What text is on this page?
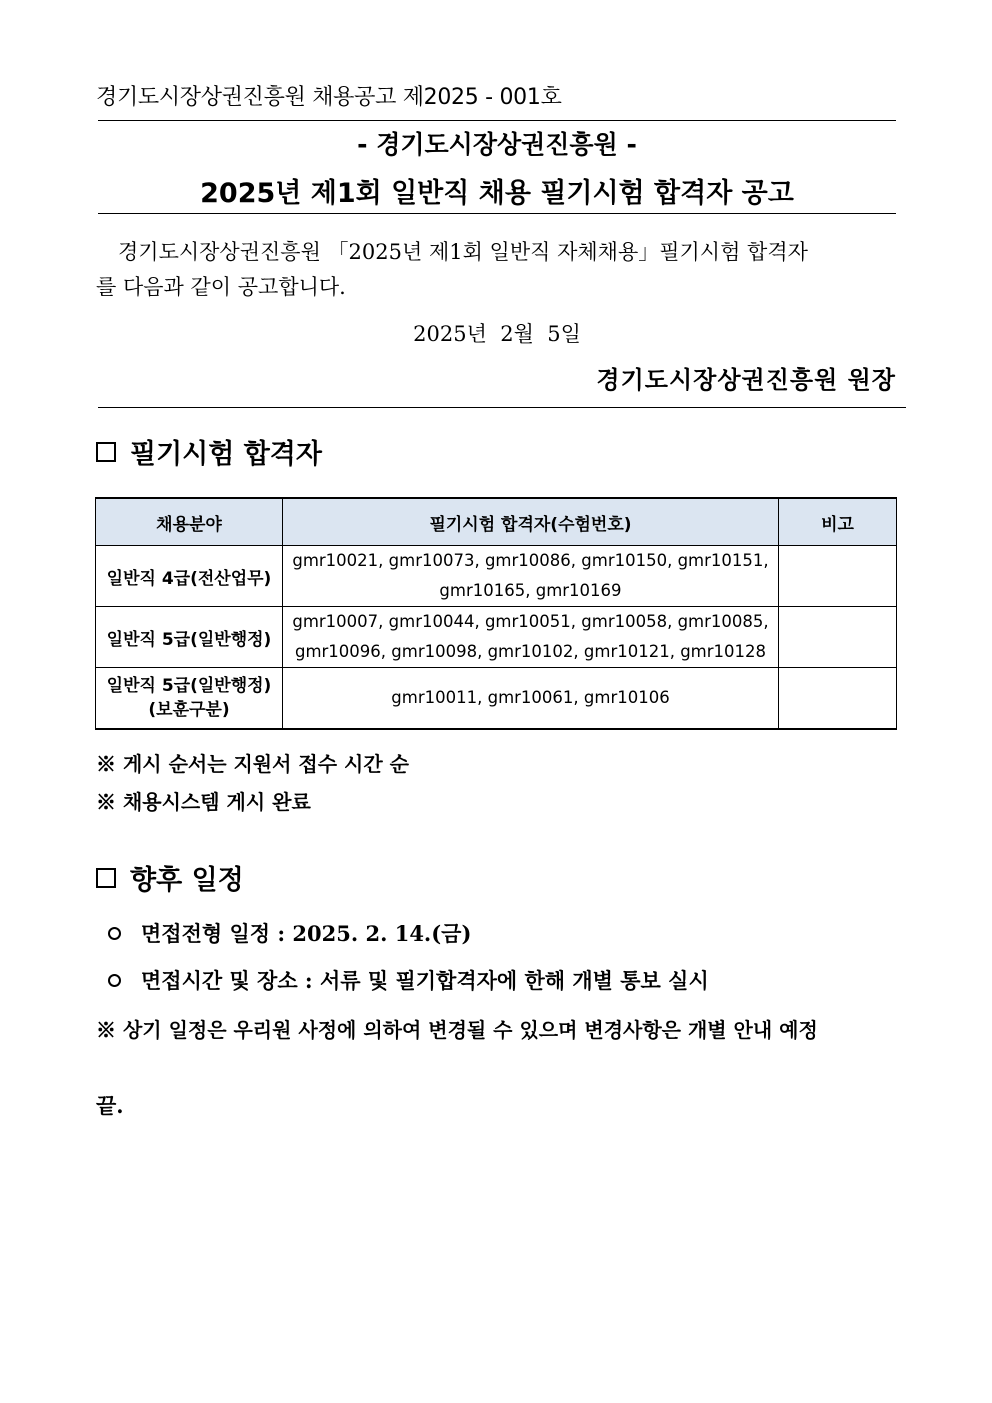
경기도시장상권진흥원 채용공고 제2025 - 001호
- 경기도시장상권진흥원 -
2025년 제1회 일반직 채용 필기시험 합격자 공고
경기도시장상권진흥원 「2025년 제1회 일반직 자체채용」필기시험 합격자
를 다음과 같이 공고합니다.
2025년  2월  5일
경기도시장상권진흥원 원장
필기시험 합격자
채용분야	필기시험 합격자(수험번호)	비고

일반직 4급(전산업무)	gmr10021, gmr10073, gmr10086, gmr10150, gmr10151,
gmr10165, gmr10169	

일반직 5급(일반행정)	gmr10007, gmr10044, gmr10051, gmr10058, gmr10085,
gmr10096, gmr10098, gmr10102, gmr10121, gmr10128	

일반직 5급(일반행정)
(보훈구분)	gmr10011, gmr10061, gmr10106	

※ 게시 순서는 지원서 접수 시간 순
※ 채용시스템 게시 완료
향후 일정
면접전형 일정 : 2025. 2. 14.(금)
면접시간 및 장소 : 서류 및 필기합격자에 한해 개별 통보 실시
※ 상기 일정은 우리원 사정에 의하여 변경될 수 있으며 변경사항은 개별 안내 예정
끝.
